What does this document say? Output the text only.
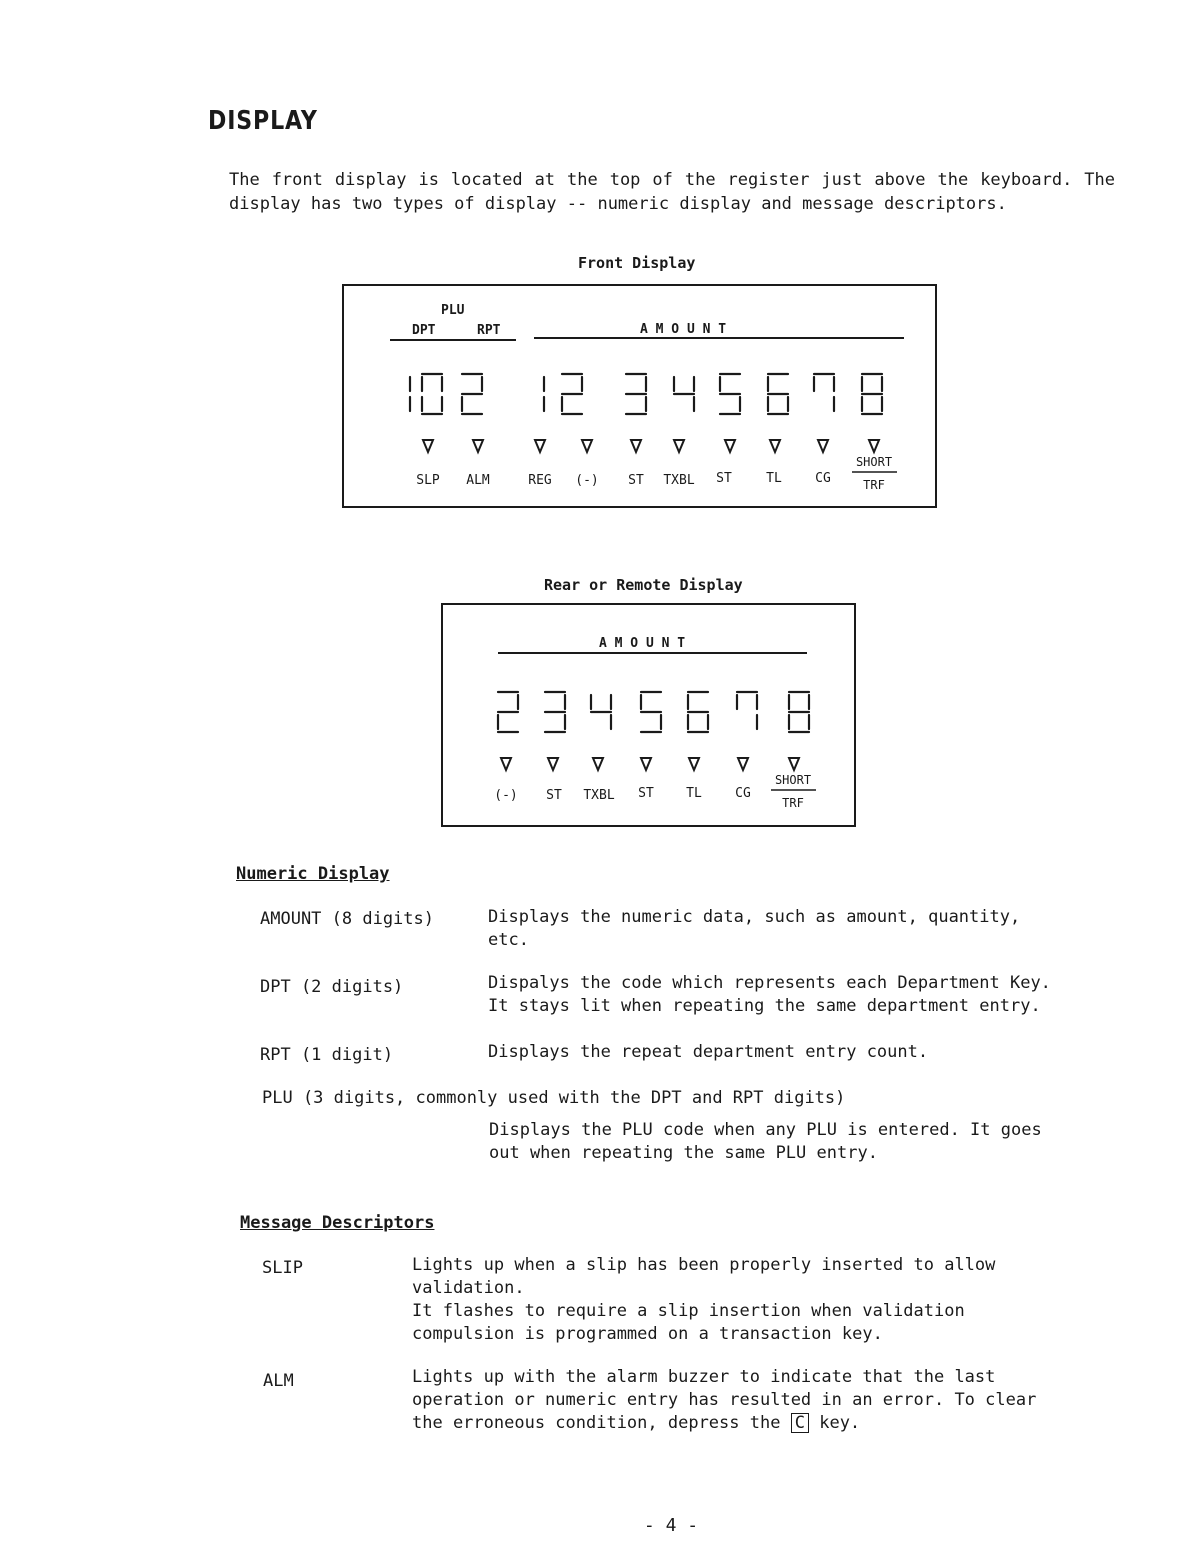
DISPLAY
The front display is located at the top of the register just above the keyboard. The display has two types of display -- numeric display and message descriptors.
Front Display
PLU
DPT	RPT	A M O U N T
SLP ALM	REG (-) ST TXBL ST	TL	CG
SHORT
TRF
Rear or Remote Display
A M O U N T
(-) ST TXBL ST TL	CG
SHORT
TRF
Numeric Display
AMOUNT (8 digits)	Displays the numeric data, such as amount, quantity,
etc.
DPT (2 digits)	Dispalys the code which represents each Department Key.
It stays lit when repeating the same department entry.
RPT (1 digit)	Displays the repeat department entry count.
PLU (3 digits, commonly used with the DPT and RPT digits)
Displays the PLU code when any PLU is entered. It goes
out when repeating the same PLU entry.
Message Descriptors
SLIP	Lights up when a slip has been properly inserted to allow
validation.
It flashes to require a slip insertion when validation
compulsion is programmed on a transaction key.
ALM	Lights up with the alarm buzzer to indicate that the last
operation or numeric entry has resulted in an error. To clear
the erroneous condition, depress the C key.
- 4 -
